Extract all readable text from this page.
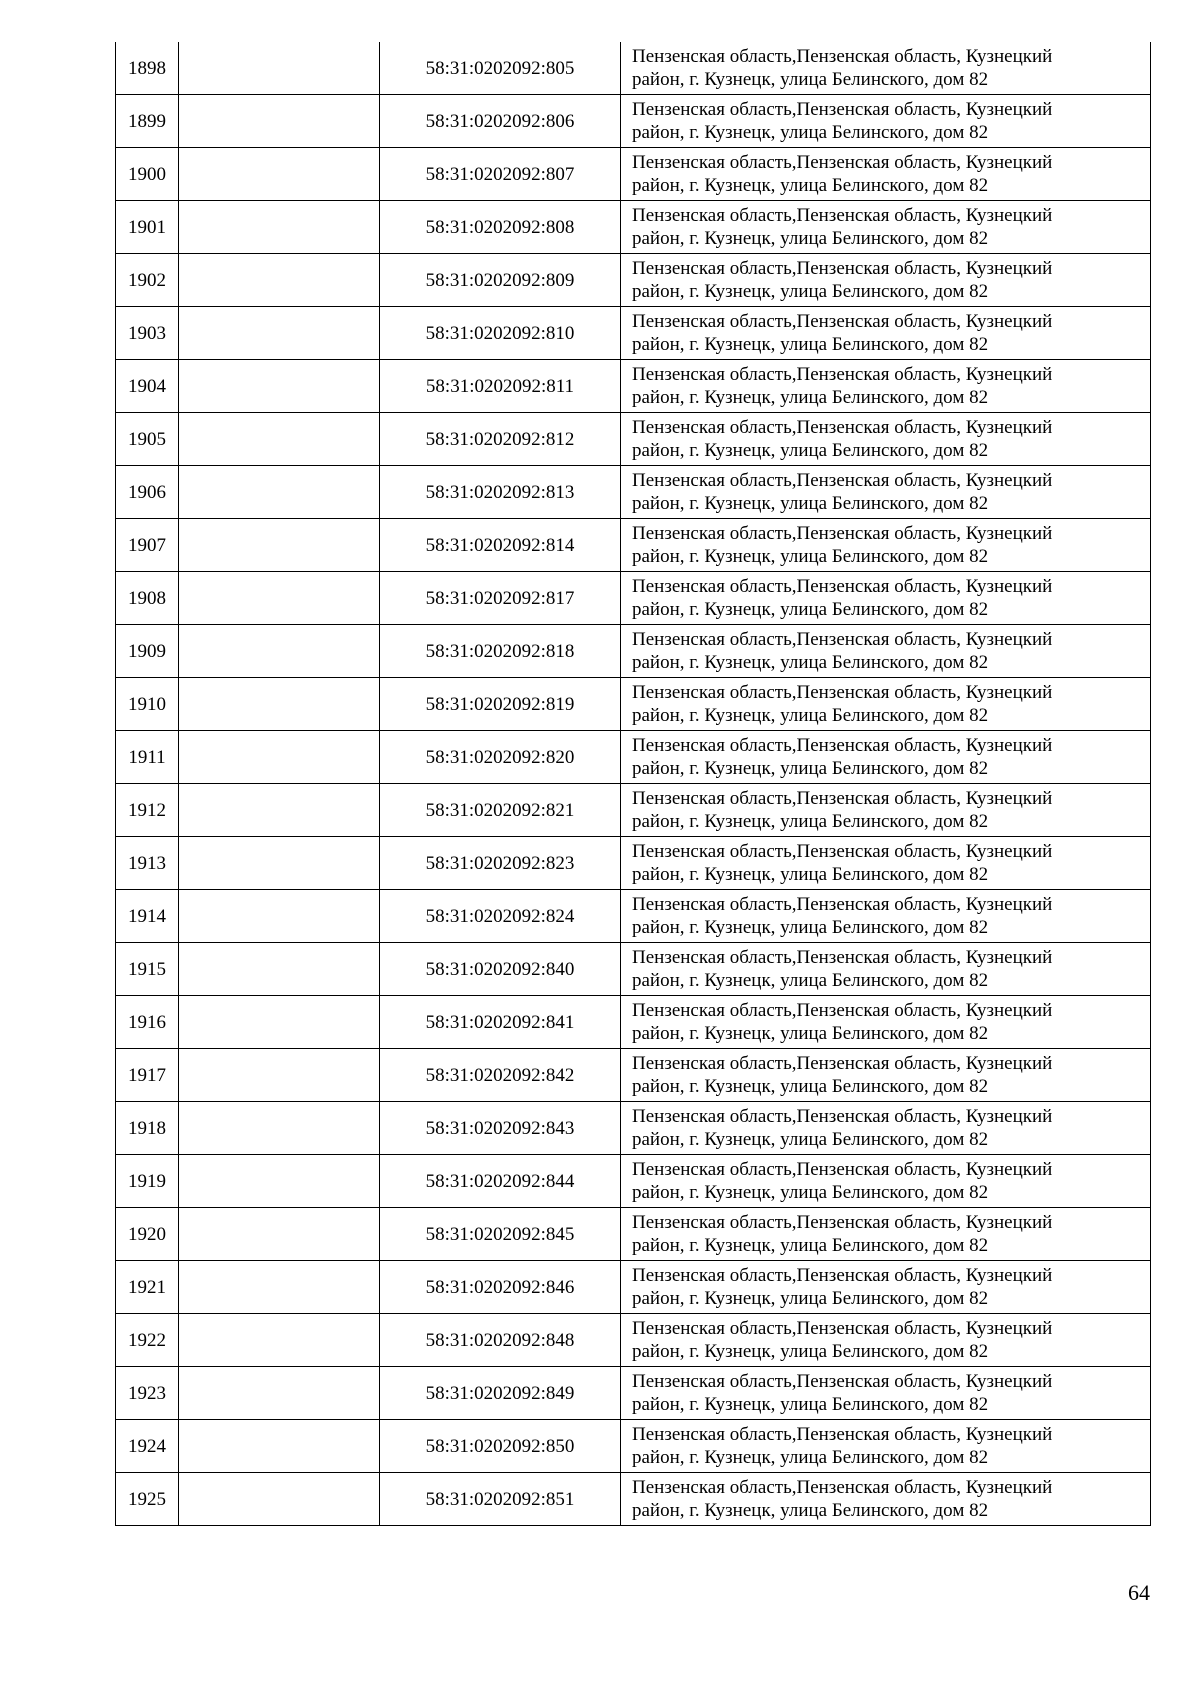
1898		58:31:0202092:805	Пензенская область,Пензенская область, Кузнецкий
район, г. Кузнецк, улица Белинского, дом 82

1899		58:31:0202092:806	Пензенская область,Пензенская область, Кузнецкий
район, г. Кузнецк, улица Белинского, дом 82

1900		58:31:0202092:807	Пензенская область,Пензенская область, Кузнецкий
район, г. Кузнецк, улица Белинского, дом 82

1901		58:31:0202092:808	Пензенская область,Пензенская область, Кузнецкий
район, г. Кузнецк, улица Белинского, дом 82

1902		58:31:0202092:809	Пензенская область,Пензенская область, Кузнецкий
район, г. Кузнецк, улица Белинского, дом 82

1903		58:31:0202092:810	Пензенская область,Пензенская область, Кузнецкий
район, г. Кузнецк, улица Белинского, дом 82

1904		58:31:0202092:811	Пензенская область,Пензенская область, Кузнецкий
район, г. Кузнецк, улица Белинского, дом 82

1905		58:31:0202092:812	Пензенская область,Пензенская область, Кузнецкий
район, г. Кузнецк, улица Белинского, дом 82

1906		58:31:0202092:813	Пензенская область,Пензенская область, Кузнецкий
район, г. Кузнецк, улица Белинского, дом 82

1907		58:31:0202092:814	Пензенская область,Пензенская область, Кузнецкий
район, г. Кузнецк, улица Белинского, дом 82

1908		58:31:0202092:817	Пензенская область,Пензенская область, Кузнецкий
район, г. Кузнецк, улица Белинского, дом 82

1909		58:31:0202092:818	Пензенская область,Пензенская область, Кузнецкий
район, г. Кузнецк, улица Белинского, дом 82

1910		58:31:0202092:819	Пензенская область,Пензенская область, Кузнецкий
район, г. Кузнецк, улица Белинского, дом 82

1911		58:31:0202092:820	Пензенская область,Пензенская область, Кузнецкий
район, г. Кузнецк, улица Белинского, дом 82

1912		58:31:0202092:821	Пензенская область,Пензенская область, Кузнецкий
район, г. Кузнецк, улица Белинского, дом 82

1913		58:31:0202092:823	Пензенская область,Пензенская область, Кузнецкий
район, г. Кузнецк, улица Белинского, дом 82

1914		58:31:0202092:824	Пензенская область,Пензенская область, Кузнецкий
район, г. Кузнецк, улица Белинского, дом 82

1915		58:31:0202092:840	Пензенская область,Пензенская область, Кузнецкий
район, г. Кузнецк, улица Белинского, дом 82

1916		58:31:0202092:841	Пензенская область,Пензенская область, Кузнецкий
район, г. Кузнецк, улица Белинского, дом 82

1917		58:31:0202092:842	Пензенская область,Пензенская область, Кузнецкий
район, г. Кузнецк, улица Белинского, дом 82

1918		58:31:0202092:843	Пензенская область,Пензенская область, Кузнецкий
район, г. Кузнецк, улица Белинского, дом 82

1919		58:31:0202092:844	Пензенская область,Пензенская область, Кузнецкий
район, г. Кузнецк, улица Белинского, дом 82

1920		58:31:0202092:845	Пензенская область,Пензенская область, Кузнецкий
район, г. Кузнецк, улица Белинского, дом 82

1921		58:31:0202092:846	Пензенская область,Пензенская область, Кузнецкий
район, г. Кузнецк, улица Белинского, дом 82

1922		58:31:0202092:848	Пензенская область,Пензенская область, Кузнецкий
район, г. Кузнецк, улица Белинского, дом 82

1923		58:31:0202092:849	Пензенская область,Пензенская область, Кузнецкий
район, г. Кузнецк, улица Белинского, дом 82

1924		58:31:0202092:850	Пензенская область,Пензенская область, Кузнецкий
район, г. Кузнецк, улица Белинского, дом 82

1925		58:31:0202092:851	Пензенская область,Пензенская область, Кузнецкий
район, г. Кузнецк, улица Белинского, дом 82
64
